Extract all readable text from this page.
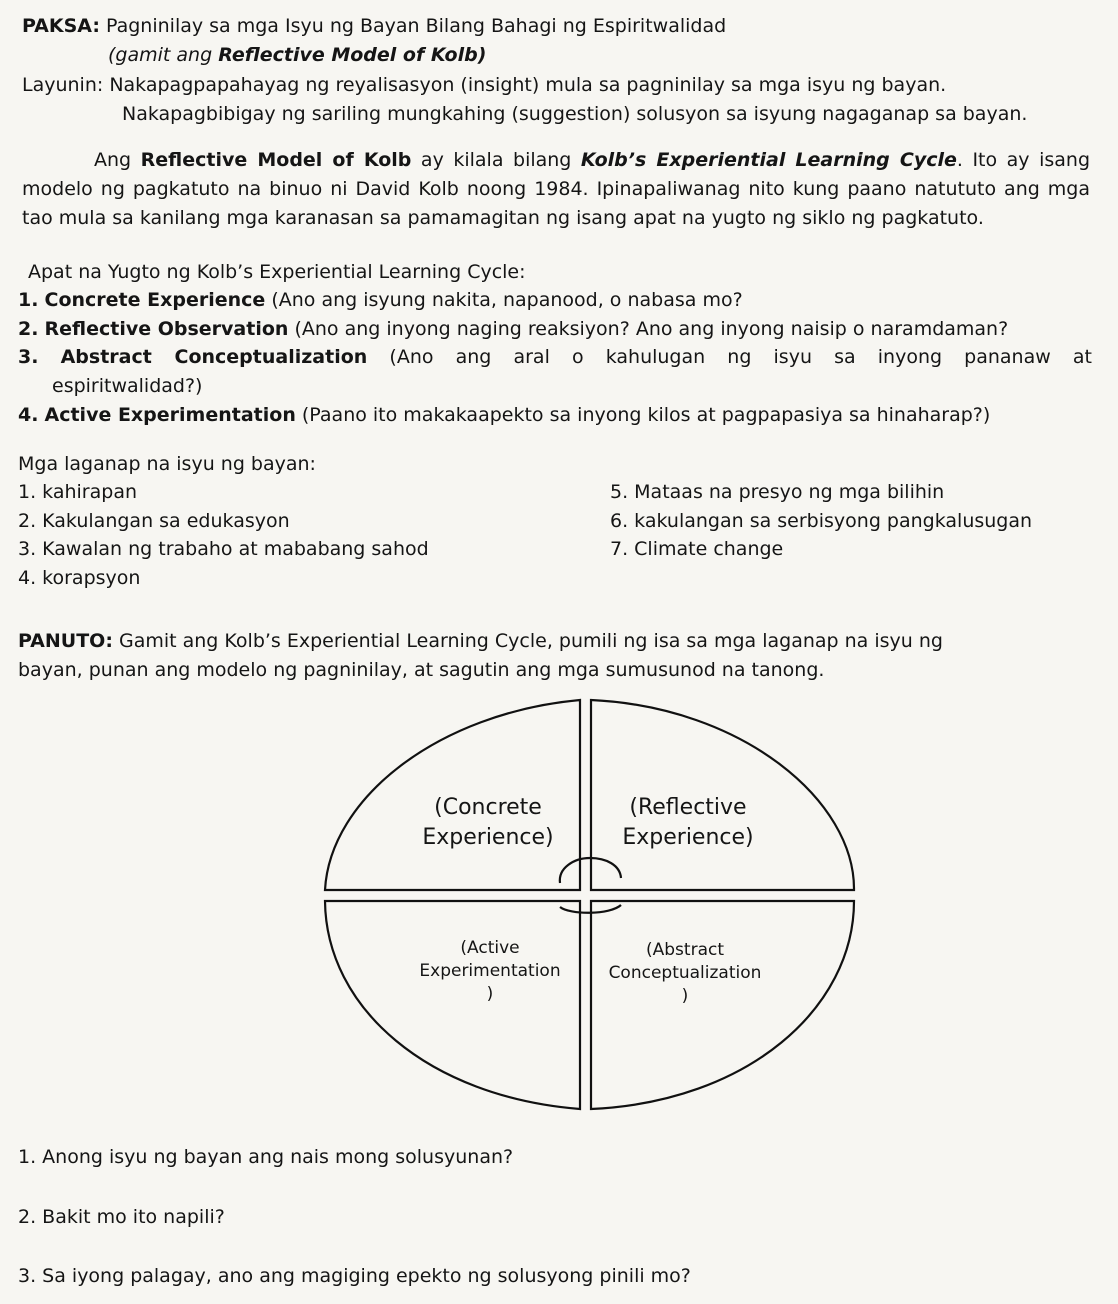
PAKSA: Pagninilay sa mga Isyu ng Bayan Bilang Bahagi ng Espiritwalidad
(gamit ang Reflective Model of Kolb)
Layunin: Nakapagpapahayag ng reyalisasyon (insight) mula sa pagninilay sa mga isyu ng bayan.
Nakapagbibigay ng sariling mungkahing (suggestion) solusyon sa isyung nagaganap sa bayan.
Ang Reflective Model of Kolb ay kilala bilang Kolb’s Experiential Learning Cycle. Ito ay isang modelo ng pagkatuto na binuo ni David Kolb noong 1984. Ipinapaliwanag nito kung paano natututo ang mga tao mula sa kanilang mga karanasan sa pamamagitan ng isang apat na yugto ng siklo ng pagkatuto.
Apat na Yugto ng Kolb’s Experiential Learning Cycle:
1. Concrete Experience (Ano ang isyung nakita, napanood, o nabasa mo?
2. Reflective Observation (Ano ang inyong naging reaksiyon? Ano ang inyong naisip o naramdaman?
3. Abstract Conceptualization (Ano ang aral o kahulugan ng isyu sa inyong pananaw at
espiritwalidad?)
4. Active Experimentation (Paano ito makakaapekto sa inyong kilos at pagpapasiya sa hinaharap?)
Mga laganap na isyu ng bayan:
1. kahirapan
2. Kakulangan sa edukasyon
3. Kawalan ng trabaho at mababang sahod
4. korapsyon
5. Mataas na presyo ng mga bilihin
6. kakulangan sa serbisyong pangkalusugan
7. Climate change
PANUTO: Gamit ang Kolb’s Experiential Learning Cycle, pumili ng isa sa mga laganap na isyu ng
bayan, punan ang modelo ng pagninilay, at sagutin ang mga sumusunod na tanong.
(Concrete
Experience)
(Reflective
Experience)
(Active
Experimentation
)
(Abstract
Conceptualization
)
1. Anong isyu ng bayan ang nais mong solusyunan?
2. Bakit mo ito napili?
3. Sa iyong palagay, ano ang magiging epekto ng solusyong pinili mo?
